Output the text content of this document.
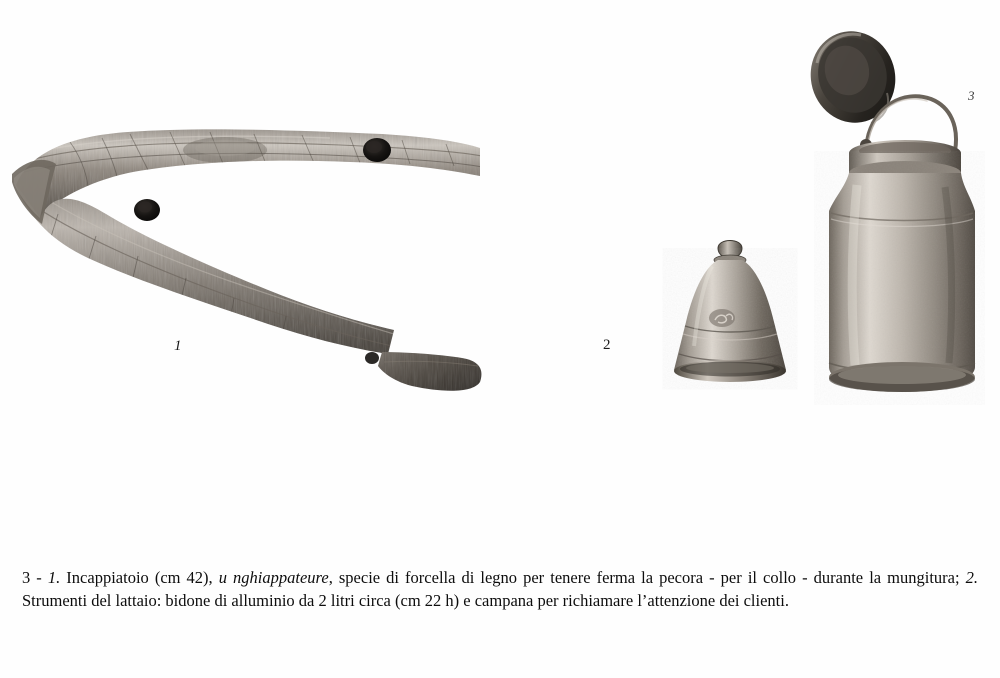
1	2
3
3 - 1. Incappiatoio (cm 42), u nghiappateure, specie di forcella di legno per tenere ferma la pecora - per il collo - durante la mungitura; 2. Strumenti del lattaio: bidone di alluminio da 2 litri circa (cm 22 h) e campana per richiamare l’attenzione dei clienti.
